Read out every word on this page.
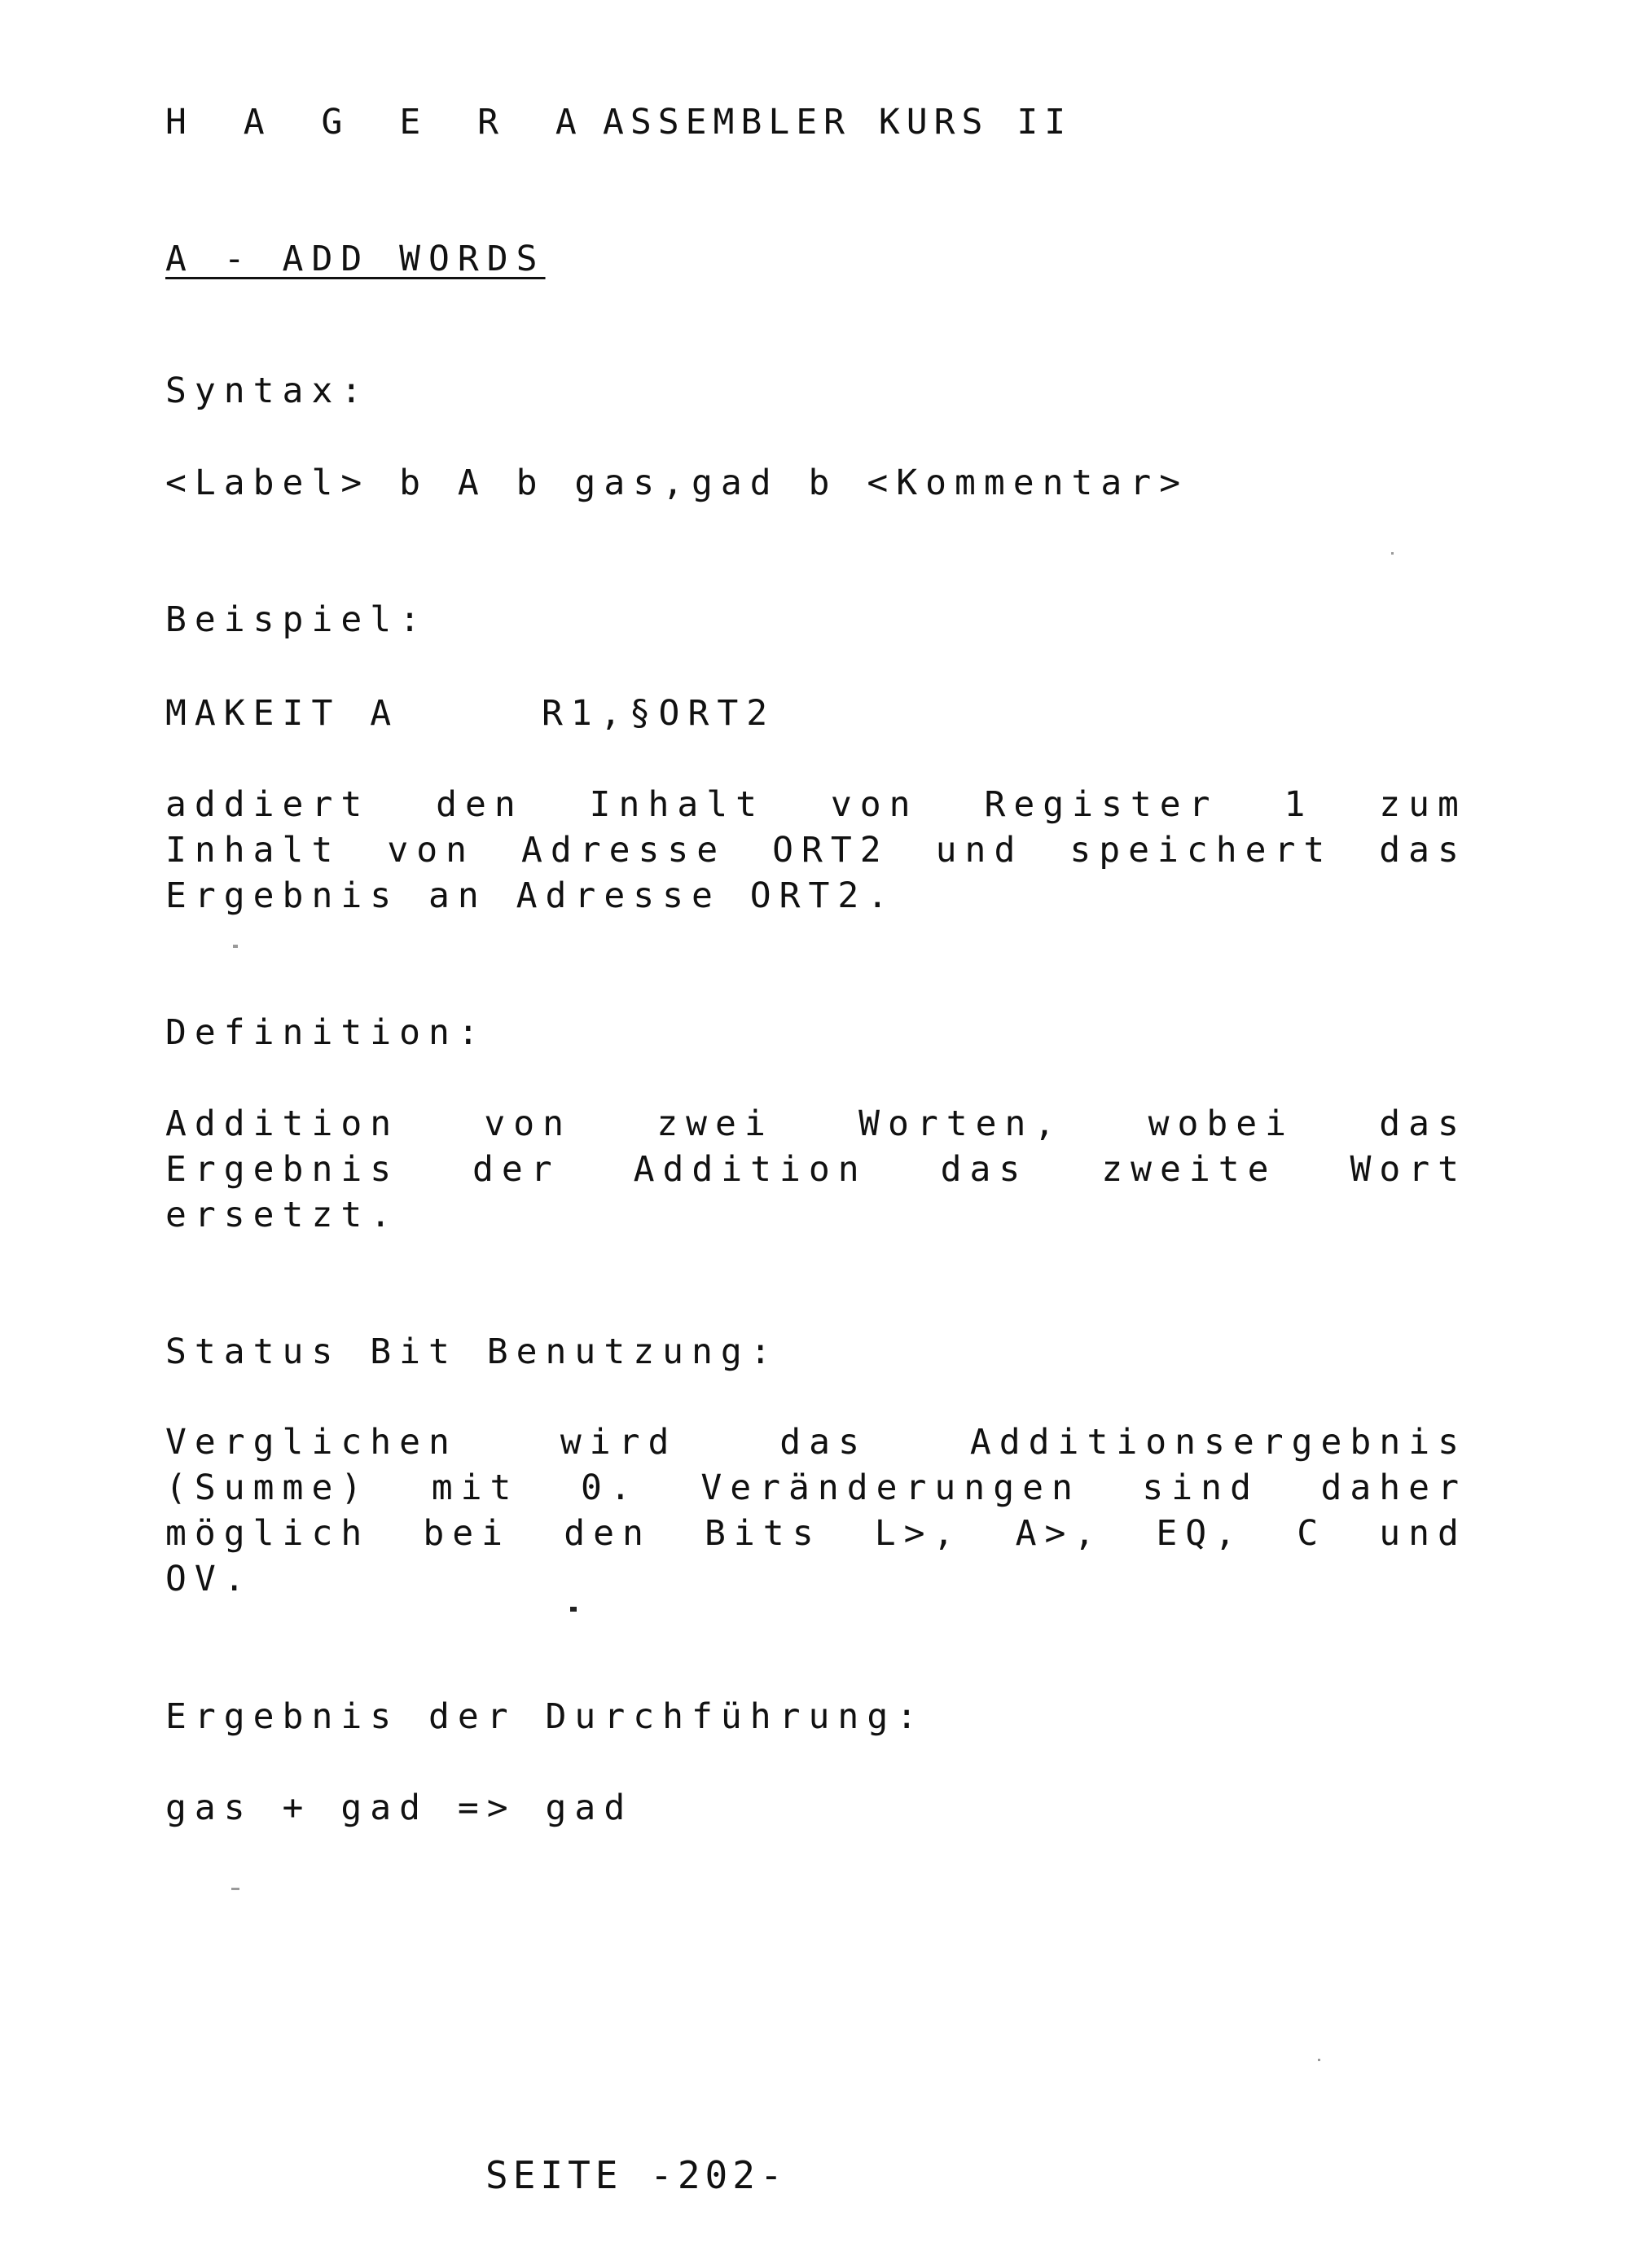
H A G E R A ASSEMBLER KURS II

A - ADD WORDS

Syntax:

<Label> b A b gas,gad b <Kommentar>

Beispiel:

MAKEIT A	R1,§ORT2

addiert den Inhalt von Register 1 zum
Inhalt von Adresse ORT2 und speichert das

Ergebnis an Adresse ORT2.

Definition:

Addition von zwei Worten, wobei das
Ergebnis der Addition das zweite Wort

ersetzt.

Status Bit Benutzung:

Verglichen	wird	das	Additionsergebnis
(Summe) mit 0. Veränderungen sind daher
möglich bei den Bits L>, A>, EQ, C und

OV.

Ergebnis der Durchführung:

gas + gad => gad

SEITE -202-
